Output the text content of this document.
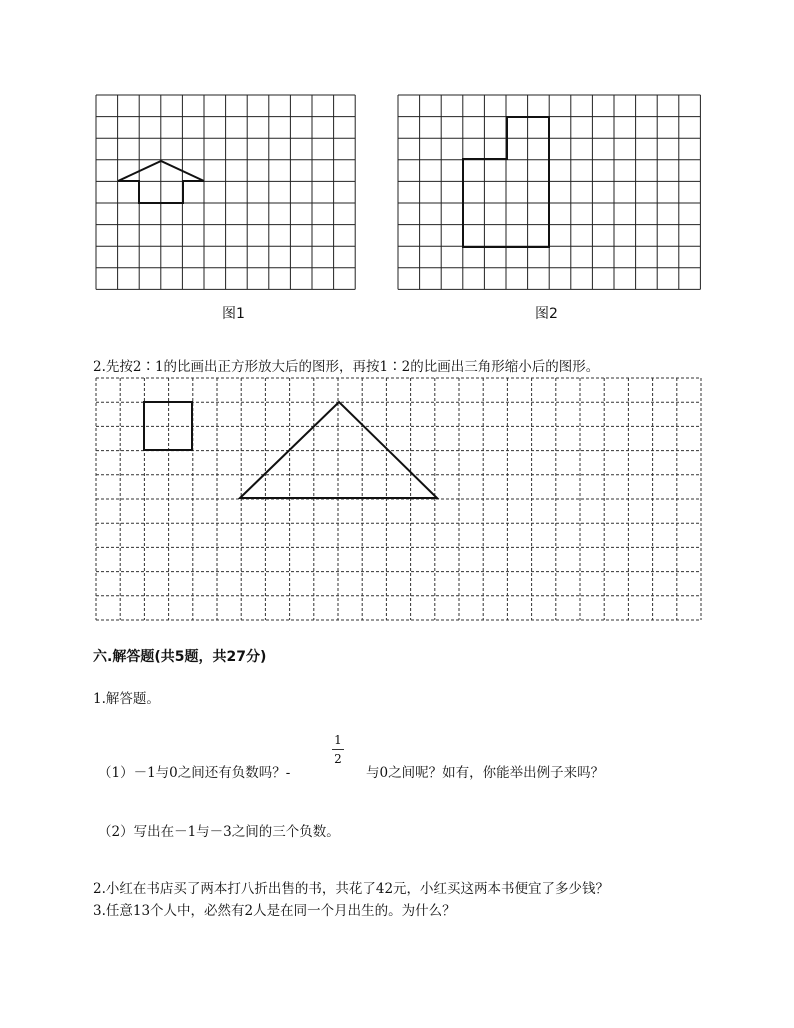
图1	图2
2.先按2∶1的比画出正方形放大后的图形，再按1∶2的比画出三角形缩小后的图形。
六.解答题(共5题，共27分)
1.解答题。
（1）－1与0之间还有负数吗？-
1
2
与0之间呢？如有，你能举出例子来吗？
（2）写出在－1与－3之间的三个负数。
2.小红在书店买了两本打八折出售的书，共花了42元，小红买这两本书便宜了多少钱？
3.任意13个人中，必然有2人是在同一个月出生的。为什么？
